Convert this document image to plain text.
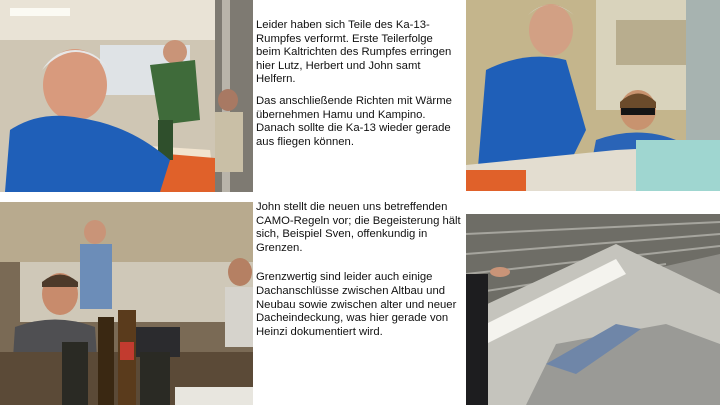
Leider haben sich Teile des Ka-13-Rumpfes verformt. Erste Teilerfolge beim Kaltrichten des Rumpfes erringen hier Lutz, Herbert und John samt Helfern.

Das anschließende Richten mit Wärme übernehmen Hamu und Kampino. Danach sollte die Ka-13 wieder gerade aus fliegen können.

John stellt die neuen uns betreffenden CAMO-Regeln vor; die Begeisterung hält sich, Beispiel Sven, offenkundig in Grenzen.

Grenzwertig sind leider auch einige Dachanschlüsse zwischen Altbau und Neubau sowie zwischen alter und neuer Dacheindeckung, was hier gerade von Heinzi dokumentiert wird.
